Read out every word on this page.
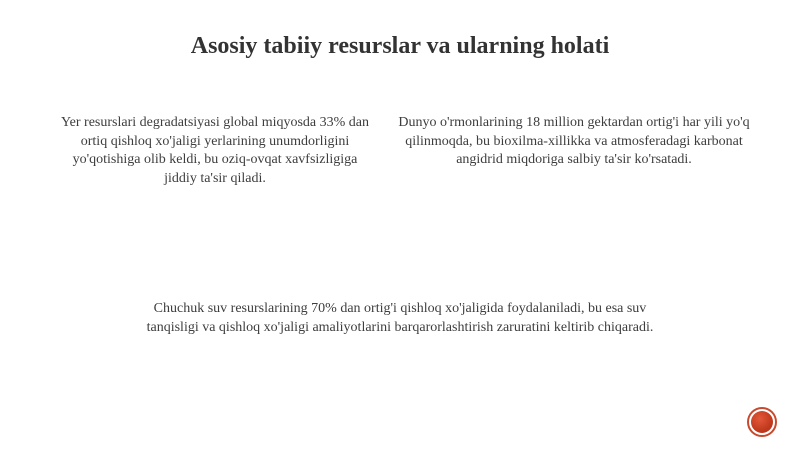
Asosiy tabiiy resurslar va ularning holati

Yer resurslari degradatsiyasi global miqyosda 33% dan ortiq qishloq xo'jaligi yerlarining unumdorligini yo'qotishiga olib keldi, bu oziq-ovqat xavfsizligiga jiddiy ta'sir qiladi.

Dunyo o'rmonlarining 18 million gektardan ortig'i har yili yo'q qilinmoqda, bu bioxilma-xillikka va atmosferadagi karbonat angidrid miqdoriga salbiy ta'sir ko'rsatadi.

Chuchuk suv resurslarining 70% dan ortig'i qishloq xo'jaligida foydalaniladi, bu esa suv tanqisligi va qishloq xo'jaligi amaliyotlarini barqarorlashtirish zaruratini keltirib chiqaradi.
